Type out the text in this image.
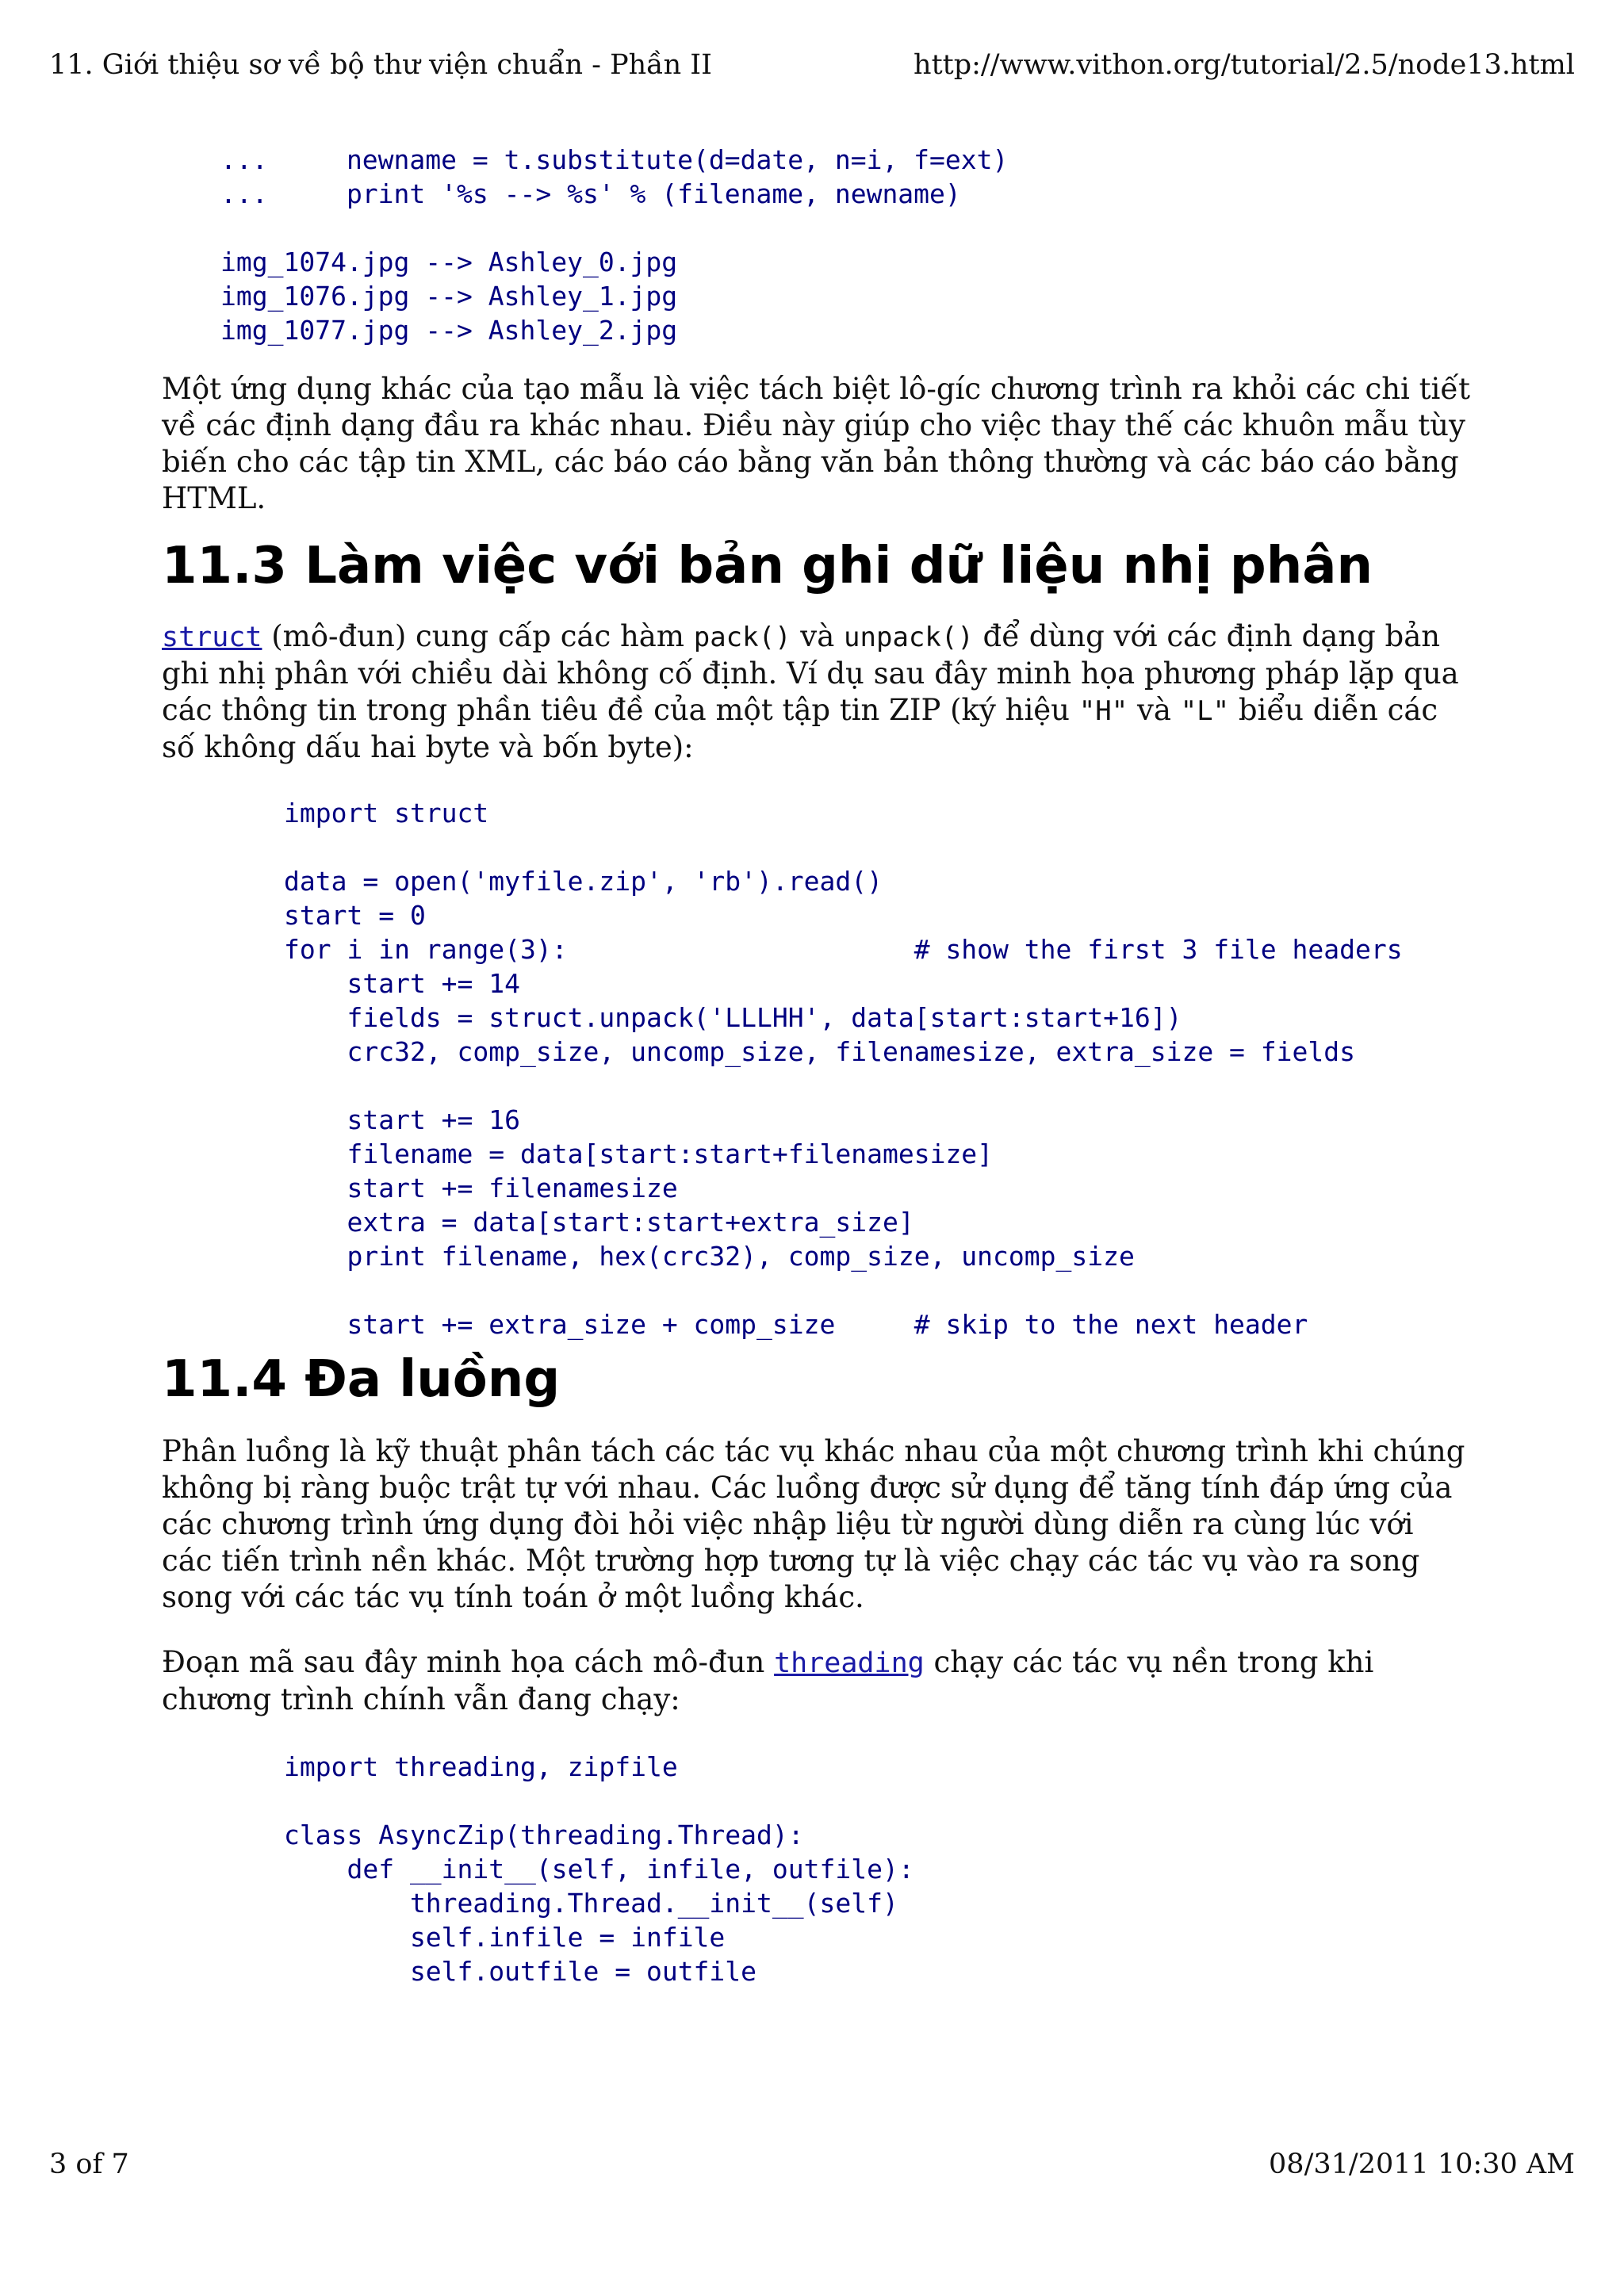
11. Giới thiệu sơ về bộ thư viện chuẩn - Phần II	http://www.vithon.org/tutorial/2.5/node13.html
...     newname = t.substitute(d=date, n=i, f=ext)
...     print '%s --> %s' % (filename, newname)

img_1074.jpg --> Ashley_0.jpg
img_1076.jpg --> Ashley_1.jpg
img_1077.jpg --> Ashley_2.jpg

Một ứng dụng khác của tạo mẫu là việc tách biệt lô-gíc chương trình ra khỏi các chi tiết về các định dạng đầu ra khác nhau. Điều này giúp cho việc thay thế các khuôn mẫu tùy biến cho các tập tin XML, các báo cáo bằng văn bản thông thường và các báo cáo bằng HTML.

11.3 Làm việc với bản ghi dữ liệu nhị phân

struct (mô-đun) cung cấp các hàm pack() và unpack() để dùng với các định dạng bản ghi nhị phân với chiều dài không cố định. Ví dụ sau đây minh họa phương pháp lặp qua các thông tin trong phần tiêu đề của một tập tin ZIP (ký hiệu "H" và "L" biểu diễn các số không dấu hai byte và bốn byte):

import struct

data = open('myfile.zip', 'rb').read()
start = 0
for i in range(3):                      # show the first 3 file headers
start += 14
fields = struct.unpack('LLLHH', data[start:start+16])
crc32, comp_size, uncomp_size, filenamesize, extra_size = fields

start += 16
filename = data[start:start+filenamesize]
start += filenamesize
extra = data[start:start+extra_size]
print filename, hex(crc32), comp_size, uncomp_size

start += extra_size + comp_size     # skip to the next header
11.4 Đa luồng

Phân luồng là kỹ thuật phân tách các tác vụ khác nhau của một chương trình khi chúng không bị ràng buộc trật tự với nhau. Các luồng được sử dụng để tăng tính đáp ứng của các chương trình ứng dụng đòi hỏi việc nhập liệu từ người dùng diễn ra cùng lúc với các tiến trình nền khác. Một trường hợp tương tự là việc chạy các tác vụ vào ra song song với các tác vụ tính toán ở một luồng khác.

Đoạn mã sau đây minh họa cách mô-đun threading chạy các tác vụ nền trong khi chương trình chính vẫn đang chạy:

import threading, zipfile

class AsyncZip(threading.Thread):
def __init__(self, infile, outfile):
threading.Thread.__init__(self)
self.infile = infile
self.outfile = outfile
3 of 7	08/31/2011 10:30 AM
